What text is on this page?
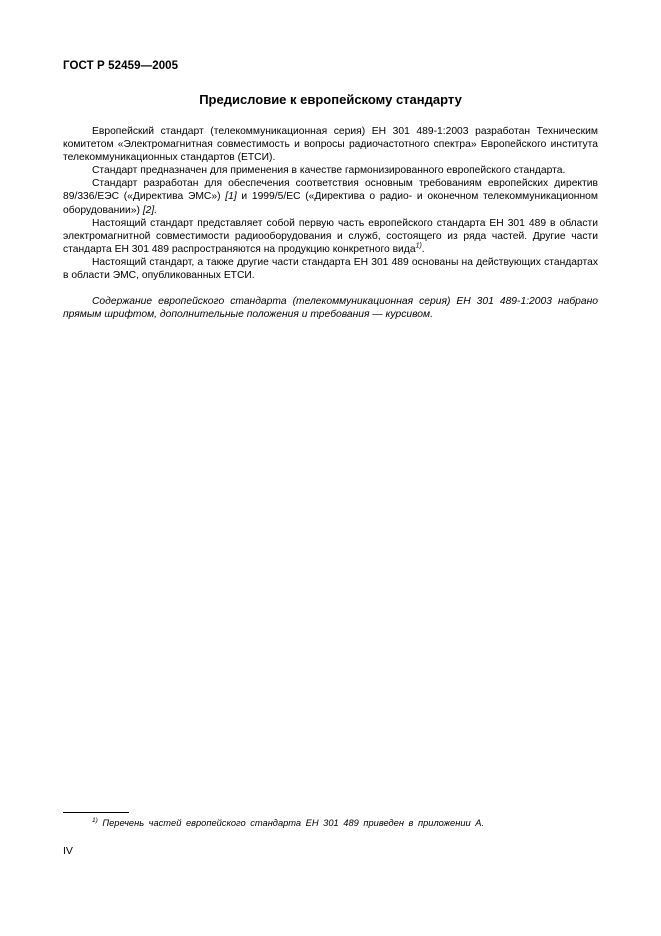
ГОСТ Р 52459—2005
Предисловие к европейскому стандарту

Европейский стандарт (телекоммуникационная серия) ЕН 301 489-1:2003 разработан Техническим комитетом «Электромагнитная совместимость и вопросы радиочастотного спектра» Европейского института телекоммуникационных стандартов (ЕТСИ).

Стандарт предназначен для применения в качестве гармонизированного европейского стандарта.

Стандарт разработан для обеспечения соответствия основным требованиям европейских директив 89/336/ЕЭС («Директива ЭМС») [1] и 1999/5/ЕС («Директива о радио- и оконечном телекоммуникационном оборудовании») [2].

Настоящий стандарт представляет собой первую часть европейского стандарта ЕН 301 489 в области электромагнитной совместимости радиооборудования и служб, состоящего из ряда частей. Другие части стандарта ЕН 301 489 распространяются на продукцию конкретного вида$^{1)}$.

Настоящий стандарт, а также другие части стандарта ЕН 301 489 основаны на действующих стандартах в области ЭМС, опубликованных ЕТСИ.

Содержание европейского стандарта (телекоммуникационная серия) ЕН 301 489-1:2003 набрано прямым шрифтом, дополнительные положения и требования — курсивом.

$^{1)}$ Перечень частей европейского стандарта ЕН 301 489 приведен в приложении А.
IV
